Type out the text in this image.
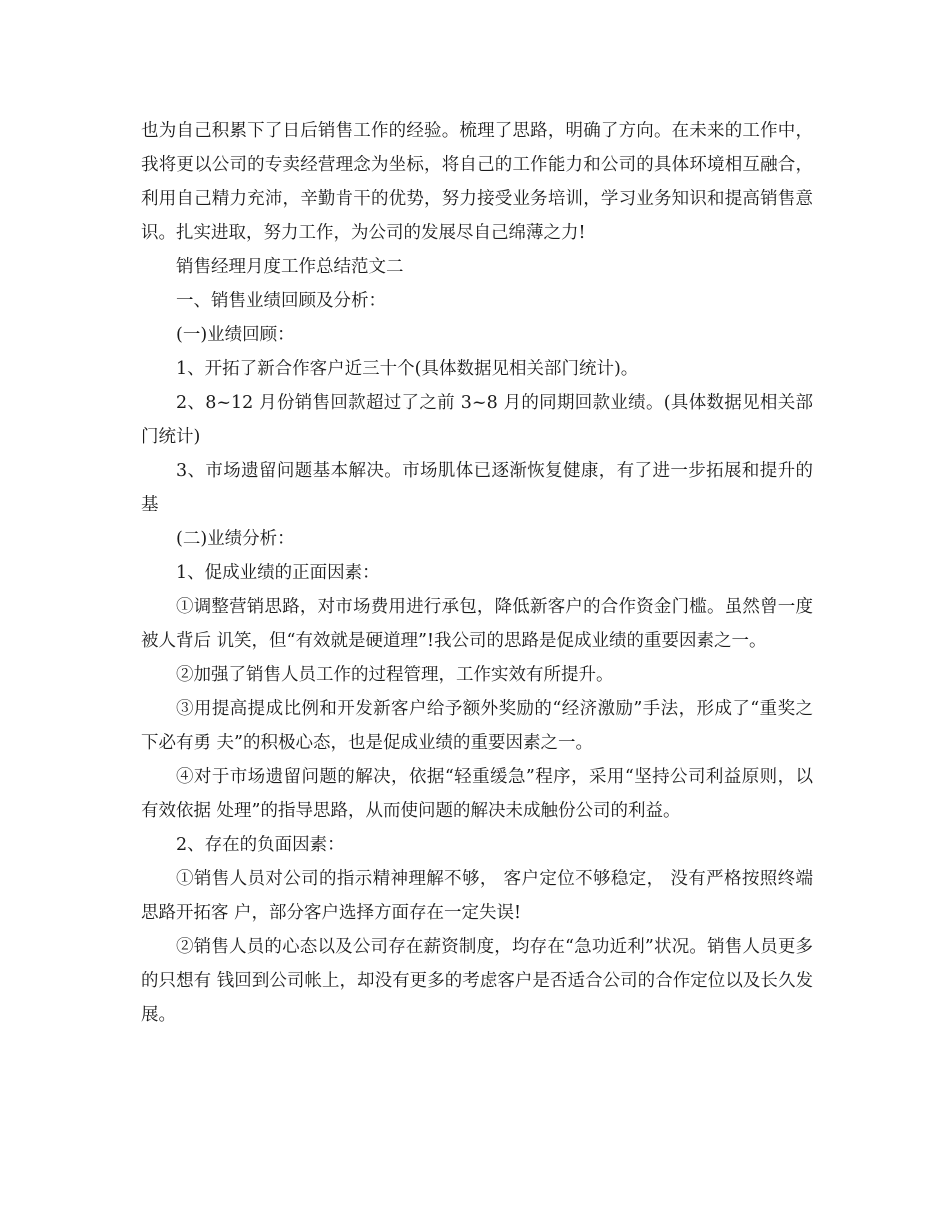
也为自己积累下了日后销售工作的经验。梳理了思路，明确了方向。在未来的工作中，我将更以公司的专卖经营理念为坐标，将自己的工作能力和公司的具体环境相互融合，利用自己精力充沛，辛勤肯干的优势，努力接受业务培训，学习业务知识和提高销售意识。扎实进取，努力工作，为公司的发展尽自己绵薄之力!

销售经理月度工作总结范文二

一、销售业绩回顾及分析：

(一)业绩回顾：

1、开拓了新合作客户近三十个(具体数据见相关部门统计)。

2、8~12 月份销售回款超过了之前 3~8 月的同期回款业绩。(具体数据见相关部门统计)

3、市场遗留问题基本解决。市场肌体已逐渐恢复健康，有了进一步拓展和提升的基

(二)业绩分析：

1、促成业绩的正面因素：

①调整营销思路，对市场费用进行承包，降低新客户的合作资金门槛。虽然曾一度被人背后 讥笑，但“有效就是硬道理”!我公司的思路是促成业绩的重要因素之一。

②加强了销售人员工作的过程管理，工作实效有所提升。

③用提高提成比例和开发新客户给予额外奖励的“经济激励”手法，形成了“重奖之下必有勇 夫”的积极心态，也是促成业绩的重要因素之一。

④对于市场遗留问题的解决，依据“轻重缓急”程序，采用“坚持公司利益原则，以有效依据 处理”的指导思路，从而使问题的解决未成触份公司的利益。

2、存在的负面因素：

①销售人员对公司的指示精神理解不够， 客户定位不够稳定， 没有严格按照终端思路开拓客 户，部分客户选择方面存在一定失误!

②销售人员的心态以及公司存在薪资制度，均存在“急功近利”状况。销售人员更多的只想有 钱回到公司帐上，却没有更多的考虑客户是否适合公司的合作定位以及长久发展。
